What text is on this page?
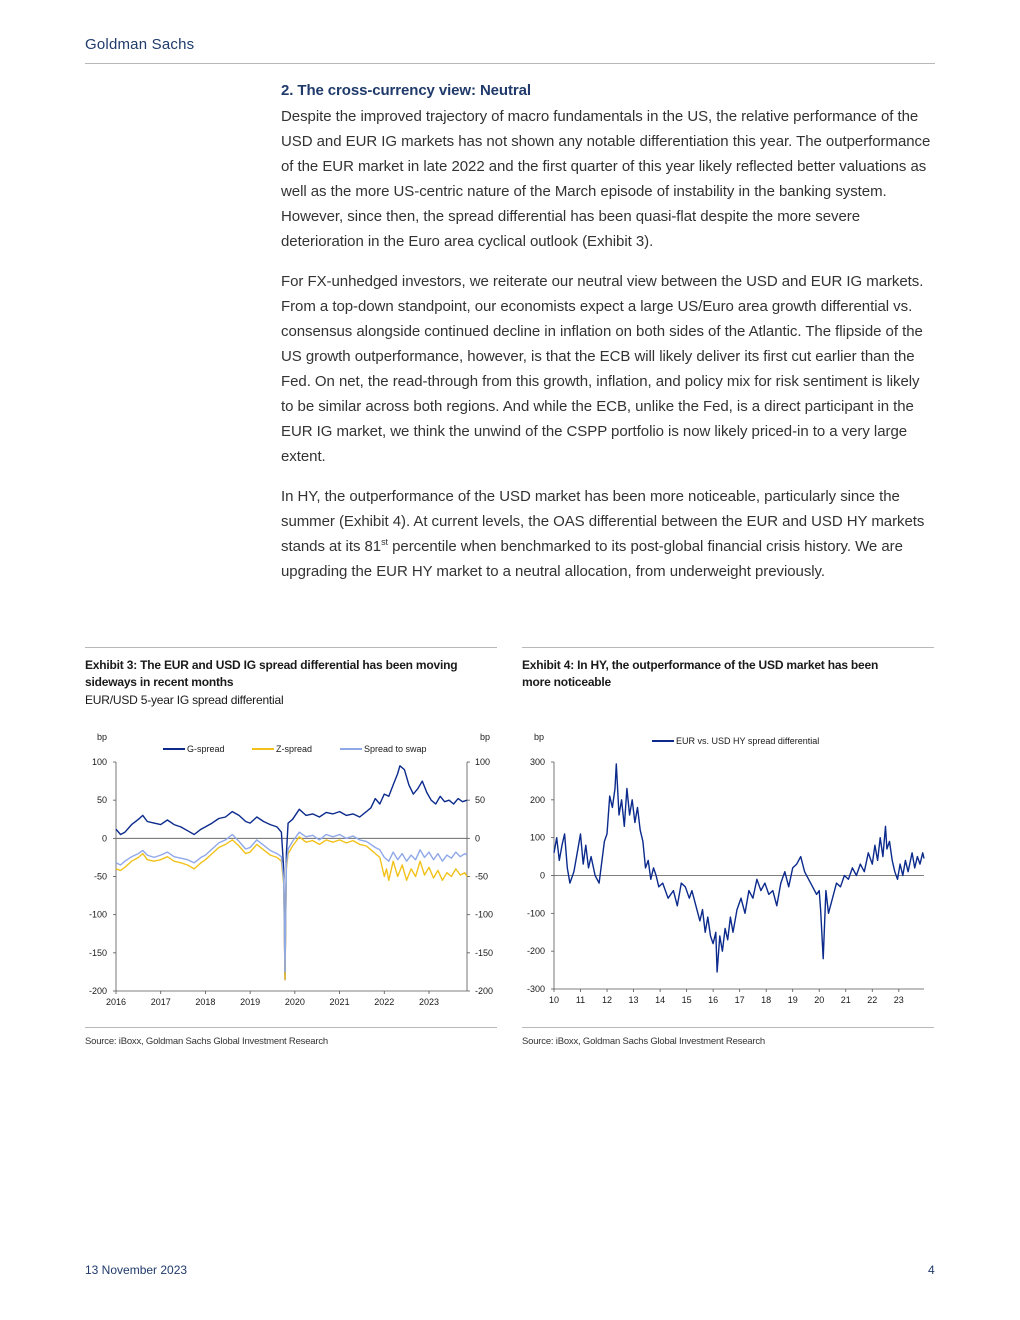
Goldman Sachs
2. The cross-currency view: Neutral

Despite the improved trajectory of macro fundamentals in the US, the relative performance of the USD and EUR IG markets has not shown any notable differentiation this year. The outperformance of the EUR market in late 2022 and the first quarter of this year likely reflected better valuations as well as the more US-centric nature of the March episode of instability in the banking system. However, since then, the spread differential has been quasi-flat despite the more severe deterioration in the Euro area cyclical outlook (Exhibit 3).

For FX-unhedged investors, we reiterate our neutral view between the USD and EUR IG markets. From a top-down standpoint, our economists expect a large US/Euro area growth differential vs. consensus alongside continued decline in inflation on both sides of the Atlantic. The flipside of the US growth outperformance, however, is that the ECB will likely deliver its first cut earlier than the Fed. On net, the read-through from this growth, inflation, and policy mix for risk sentiment is likely to be similar across both regions. And while the ECB, unlike the Fed, is a direct participant in the EUR IG market, we think the unwind of the CSPP portfolio is now likely priced-in to a very large extent.

In HY, the outperformance of the USD market has been more noticeable, particularly since the summer (Exhibit 4). At current levels, the OAS differential between the EUR and USD HY markets stands at its 81st percentile when benchmarked to its post-global financial crisis history. We are upgrading the EUR HY market to a neutral allocation, from underweight previously.

Exhibit 3: The EUR and USD IG spread differential has been moving
sideways in recent months
EUR/USD 5-year IG spread differential
bp	bp
100	100
50	50
0	0
-50	-50
-100	-100
-150	-150
-200	-200
2016	2017	2018	2019	2020	2021	2022	2023
G-spread	Z-spread	Spread to swap
Source: iBoxx, Goldman Sachs Global Investment Research
Exhibit 4: In HY, the outperformance of the USD market has been
more noticeable
bp
300
200
100
0
-100
-200
-300
10 11 12 13 14 15 16 17 18 19 20 21 22 23
EUR vs. USD HY spread differential
Source: iBoxx, Goldman Sachs Global Investment Research
13 November 2023	4
